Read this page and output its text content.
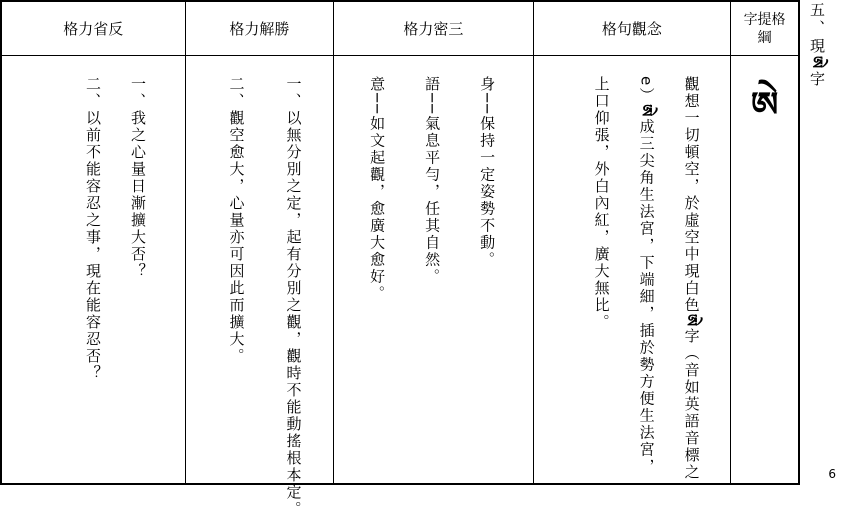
格力省反
一、我之心量日漸擴大否？
二、以前不能容忍之事，現在能容忍否？
格力解勝
一、以無分別之定，起有分別之觀，觀時不能動搖根本定。
二、觀空愈大，心量亦可因此而擴大。
格力密三
身──保持一定姿勢不動。
語──氣息平勻，任其自然。
意──如文起觀，愈廣大愈好。
格句觀念
觀想一切頓空，於虛空中現白色ཨེ字（音如英語音標之
e）ཨེ成三尖角生法宮，下端細，插於勢方便生法宮，
上口仰張，外白內紅，廣大無比。
字提格綱
ཨེ
五、現ཨེ字
6
